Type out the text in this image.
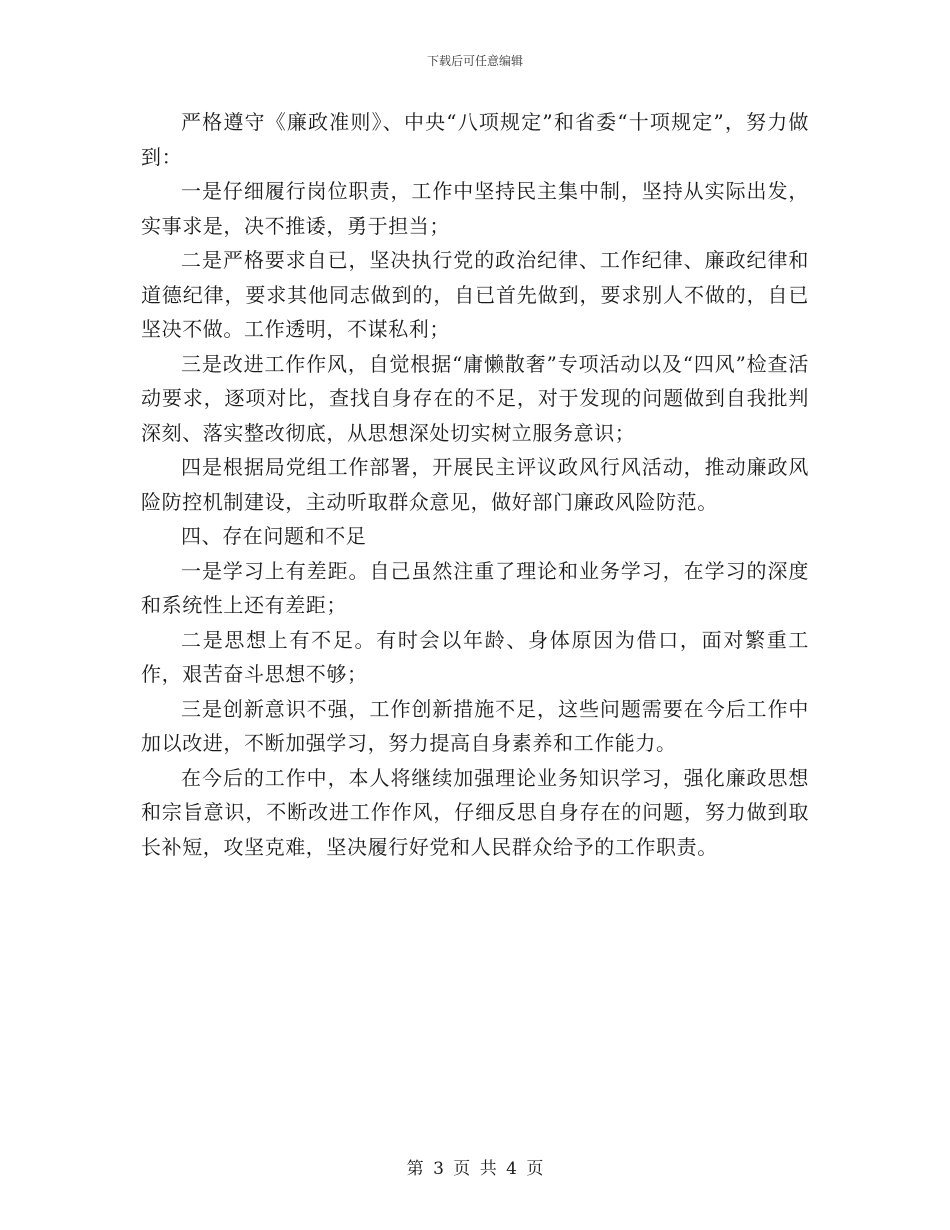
下载后可任意编辑

严格遵守《廉政准则》、中央“八项规定”和省委“十项规定”，努力做到：

一是仔细履行岗位职责，工作中坚持民主集中制，坚持从实际出发，实事求是，决不推诿，勇于担当；

二是严格要求自已，坚决执行党的政治纪律、工作纪律、廉政纪律和道德纪律，要求其他同志做到的，自已首先做到，要求别人不做的，自已坚决不做。工作透明，不谋私利；

三是改进工作作风，自觉根据“庸懒散奢”专项活动以及“四风”检查活动要求，逐项对比，查找自身存在的不足，对于发现的问题做到自我批判深刻、落实整改彻底，从思想深处切实树立服务意识；

四是根据局党组工作部署，开展民主评议政风行风活动，推动廉政风险防控机制建设，主动听取群众意见，做好部门廉政风险防范。

四、存在问题和不足

一是学习上有差距。自己虽然注重了理论和业务学习，在学习的深度和系统性上还有差距；

二是思想上有不足。有时会以年龄、身体原因为借口，面对繁重工作，艰苦奋斗思想不够；

三是创新意识不强，工作创新措施不足，这些问题需要在今后工作中加以改进，不断加强学习，努力提高自身素养和工作能力。

在今后的工作中，本人将继续加强理论业务知识学习，强化廉政思想和宗旨意识，不断改进工作作风，仔细反思自身存在的问题，努力做到取长补短，攻坚克难，坚决履行好党和人民群众给予的工作职责。

第 3 页 共 4 页
